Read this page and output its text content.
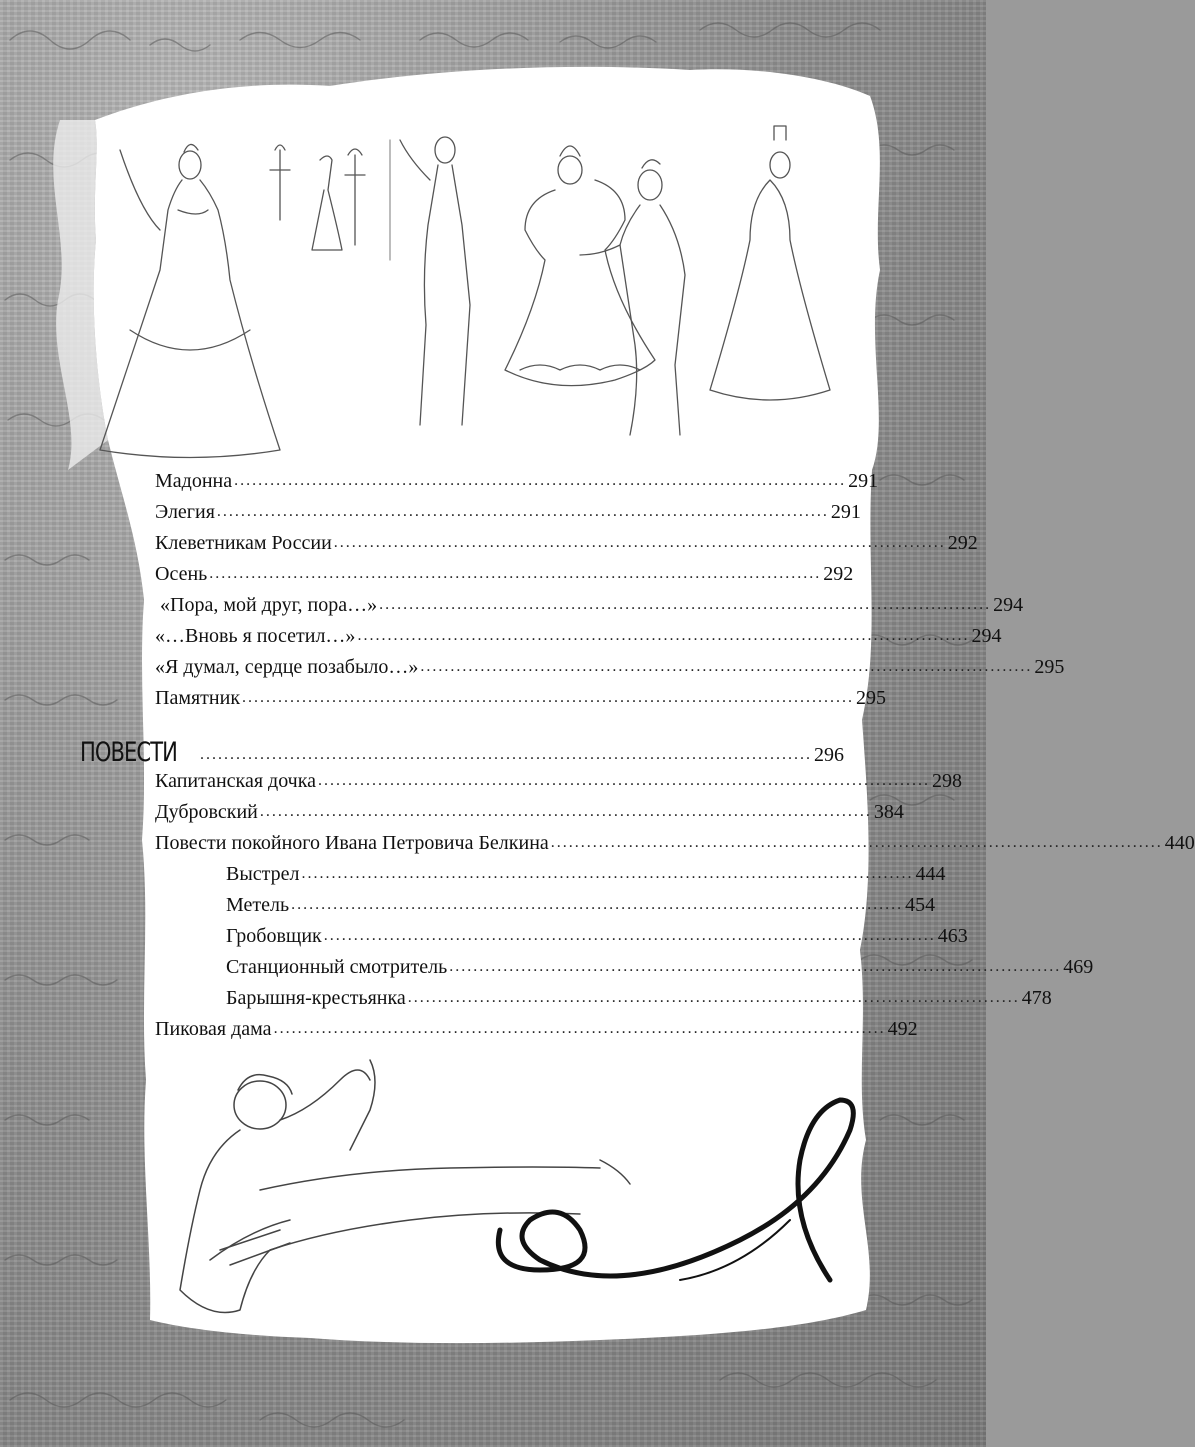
Мадонна ...................................................................................................... 291
Элегия ...................................................................................................... 291
Клеветникам России ...................................................................................................... 292
Осень ...................................................................................................... 292
«Пора, мой друг, пора…» ...................................................................................................... 294
«…Вновь я посетил…» ...................................................................................................... 294
«Я думал, сердце позабыло…» ...................................................................................................... 295
Памятник ...................................................................................................... 295
ПОВЕСТИ	...................................................................................................... 296
Капитанская дочка ...................................................................................................... 298
Дубровский ...................................................................................................... 384
Повести покойного Ивана Петровича Белкина ...................................................................................................... 440
Выстрел ...................................................................................................... 444
Метель ...................................................................................................... 454
Гробовщик ...................................................................................................... 463
Станционный смотритель ...................................................................................................... 469
Барышня-крестьянка ...................................................................................................... 478
Пиковая дама ...................................................................................................... 492
